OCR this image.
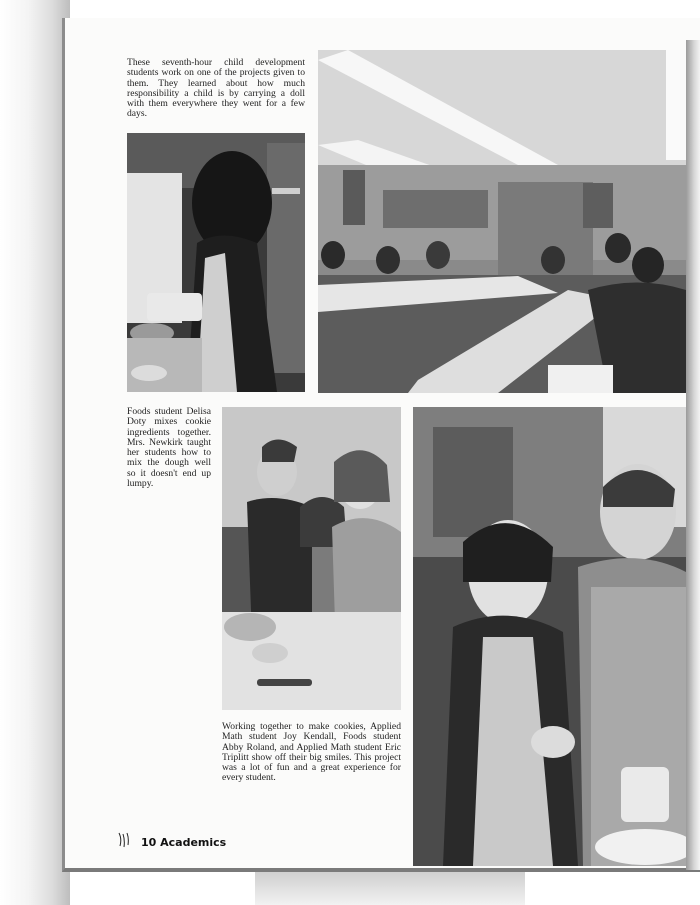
These seventh-hour child development students work on one of the projects given to them. They learned about how much responsibility a child is by carrying a doll with them everywhere they went for a few days.

Foods student Delisa Doty mixes cookie ingredients together. Mrs. Newkirk taught her students how to mix the dough well so it doesn't end up lumpy.

Working together to make cookies, Applied Math student Joy Kendall, Foods student Abby Roland, and Applied Math student Eric Triplitt show off their big smiles. This project was a lot of fun and a great experience for every student.

10 Academics
